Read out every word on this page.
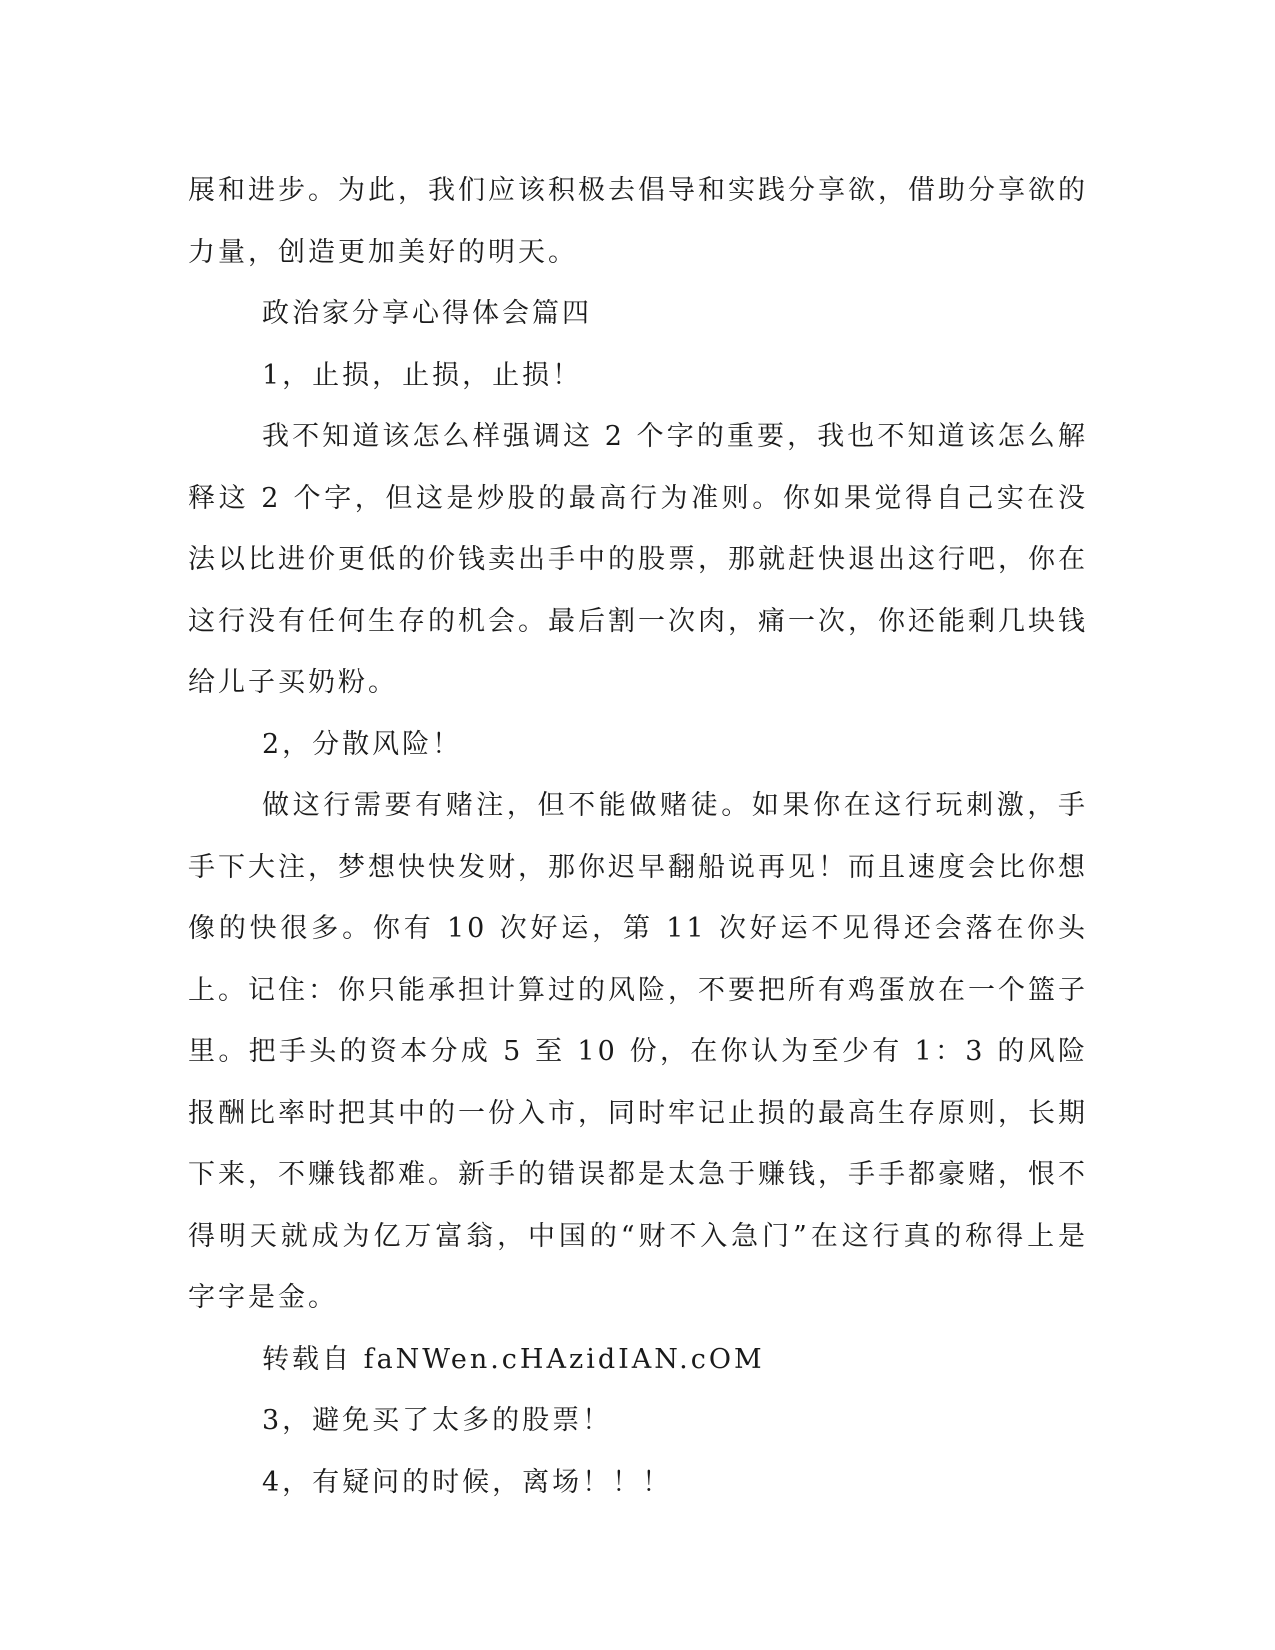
展和进步。为此，我们应该积极去倡导和实践分享欲，借助分享欲的力量，创造更加美好的明天。

政治家分享心得体会篇四

1，止损，止损，止损！

我不知道该怎么样强调这 2 个字的重要，我也不知道该怎么解释这 2 个字，但这是炒股的最高行为准则。你如果觉得自己实在没法以比进价更低的价钱卖出手中的股票，那就赶快退出这行吧，你在这行没有任何生存的机会。最后割一次肉，痛一次，你还能剩几块钱给儿子买奶粉。

2，分散风险！

做这行需要有赌注，但不能做赌徒。如果你在这行玩刺激，手手下大注，梦想快快发财，那你迟早翻船说再见！而且速度会比你想像的快很多。你有 10 次好运，第 11 次好运不见得还会落在你头上。记住：你只能承担计算过的风险，不要把所有鸡蛋放在一个篮子里。把手头的资本分成 5 至 10 份，在你认为至少有 1：3 的风险报酬比率时把其中的一份入市，同时牢记止损的最高生存原则，长期下来，不赚钱都难。新手的错误都是太急于赚钱，手手都豪赌，恨不得明天就成为亿万富翁，中国的“财不入急门”在这行真的称得上是字字是金。

转载自 faNWen.cHAzidIAN.cOM

3，避免买了太多的股票！

4，有疑问的时候，离场！！！
